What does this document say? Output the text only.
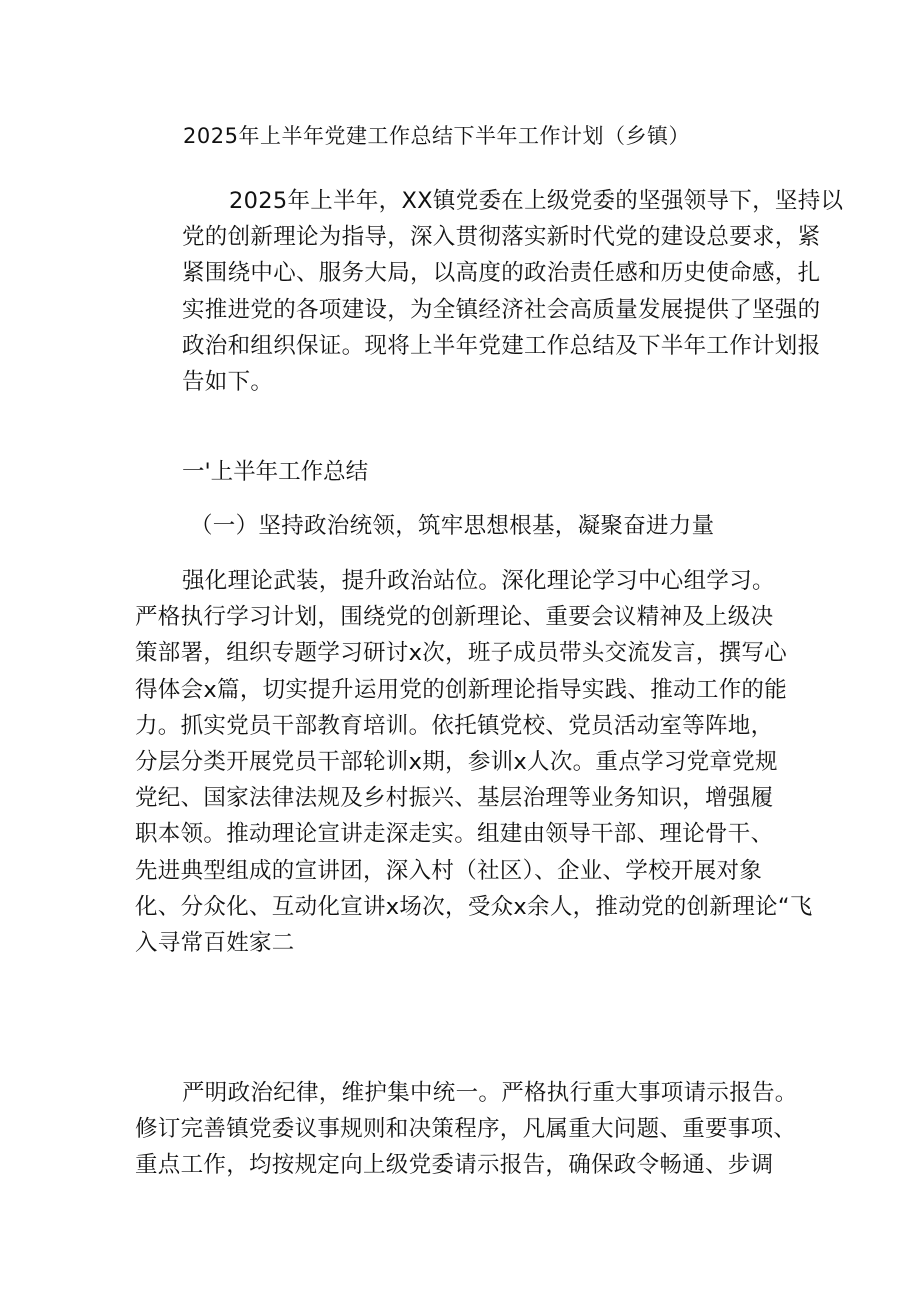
2025年上半年党建工作总结下半年工作计划（乡镇）
2025年上半年，XX镇党委在上级党委的坚强领导下，坚持以
党的创新理论为指导，深入贯彻落实新时代党的建设总要求，紧
紧围绕中心、服务大局，以高度的政治责任感和历史使命感，扎
实推进党的各项建设，为全镇经济社会高质量发展提供了坚强的
政治和组织保证。现将上半年党建工作总结及下半年工作计划报
告如下。
一'上半年工作总结
（一）坚持政治统领，筑牢思想根基，凝聚奋进力量
强化理论武装，提升政治站位。深化理论学习中心组学习。
严格执行学习计划，围绕党的创新理论、重要会议精神及上级决
策部署，组织专题学习研讨x次，班子成员带头交流发言，撰写心
得体会x篇，切实提升运用党的创新理论指导实践、推动工作的能
力。抓实党员干部教育培训。依托镇党校、党员活动室等阵地，
分层分类开展党员干部轮训x期，参训x人次。重点学习党章党规
党纪、国家法律法规及乡村振兴、基层治理等业务知识，增强履
职本领。推动理论宣讲走深走实。组建由领导干部、理论骨干、
先进典型组成的宣讲团，深入村（社区）、企业、学校开展对象
化、分众化、互动化宣讲x场次，受众x余人，推动党的创新理论“飞
入寻常百姓家二
严明政治纪律，维护集中统一。严格执行重大事项请示报告。
修订完善镇党委议事规则和决策程序，凡属重大问题、重要事项、
重点工作，均按规定向上级党委请示报告，确保政令畅通、步调
